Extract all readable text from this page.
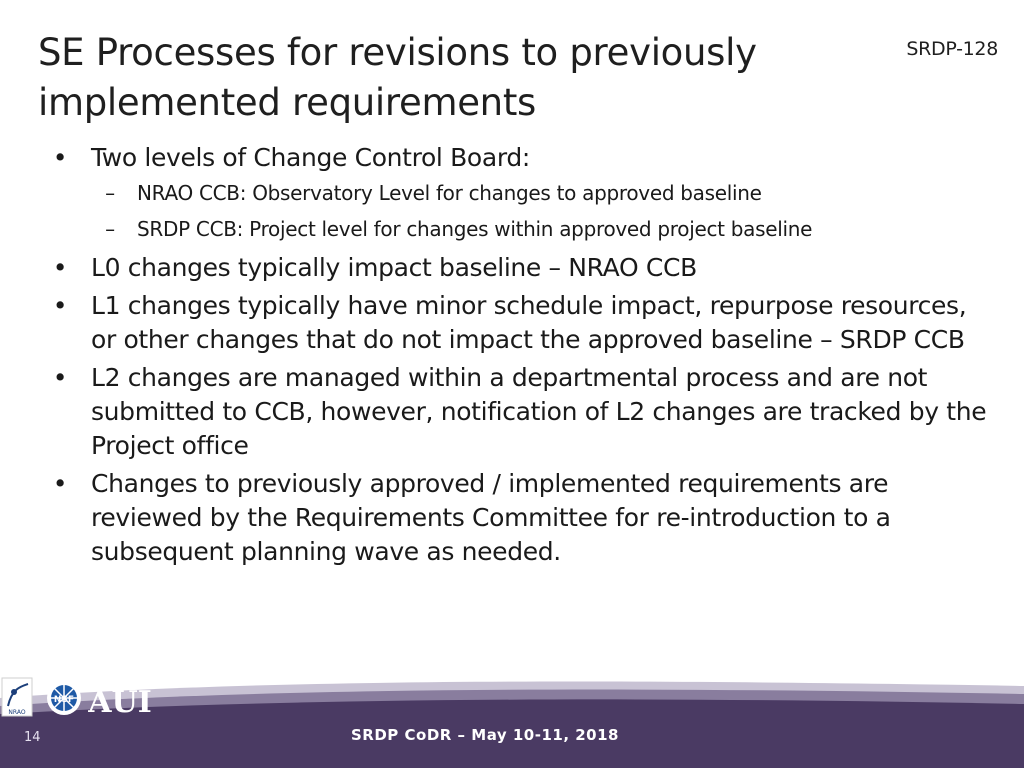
SE Processes for revisions to previously
implemented requirements
SRDP-128
• Two levels of Change Control Board:
– NRAO CCB: Observatory Level for changes to approved baseline
– SRDP CCB: Project level for changes within approved project baseline
• L0 changes typically impact baseline – NRAO CCB
• L1 changes typically have minor schedule impact, repurpose resources, or other changes that do not impact the approved baseline – SRDP CCB
• L2 changes are managed within a departmental process and are not submitted to CCB, however, notification of L2 changes are tracked by the Project office
• Changes to previously approved / implemented requirements are reviewed by the Requirements Committee for re-introduction to a subsequent planning wave as needed.
14	SRDP CoDR – May 10-11, 2018
NRAO
NSF AUI
